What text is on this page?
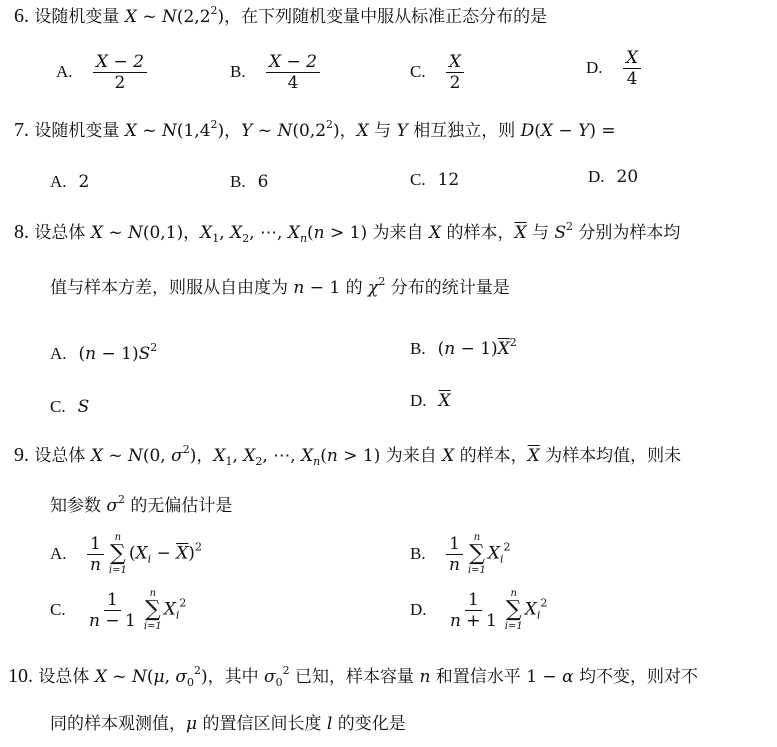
6. 设随机变量 X ~ $N(2,2^2)$，在下列随机变量中服从标准正态分布的是
A. $\frac{X - 2}{2}$	B. $\frac{X - 2}{4}$	C. $\frac{X}{2}$	D. $\frac{X}{4}$
7. 设随机变量 X ~ $N(1,4^2)$，Y ~ $N(0,2^2)$，X 与 Y 相互独立，则 D(X − Y) =
A. 2	B. 6	C. 12	D. 20
8. 设总体 X ~ N(0,1)，$X_1$, $X_2$, ⋯, $X_n(n > 1)$ 为来自 X 的样本，$\overline{X}$ 与 $S^2$ 分别为样本均
值与样本方差，则服从自由度为 n − 1 的 $\chi^2$ 分布的统计量是
A. $(n - 1)S^2$	B. $(n - 1)\overline{X}^2$
C. S	D. $\overline{X}$
9. 设总体 X ~ N(0, $\sigma^2$)，$X_1$, $X_2$, ⋯, $X_n(n > 1)$ 为来自 X 的样本，$\overline{X}$ 为样本均值，则未
知参数 $\sigma^2$ 的无偏估计是
A. $\frac{1}{n}$ n
∑
i=1
$(X_i - \overline{X})^2$	B. $\frac{1}{n}$ n
∑
i=1
$X_i^2$
C. $\frac{1}{n - 1}$ n
∑
i=1
$X_i^2$	D. $\frac{1}{n + 1}$ n
∑
i=1
$X_i^2$
10. 设总体 X ~ N(μ, $\sigma_0^2$)，其中 $\sigma_0^2$ 已知，样本容量 n 和置信水平 1 − α 均不变，则对不
同的样本观测值，μ 的置信区间长度 l 的变化是
